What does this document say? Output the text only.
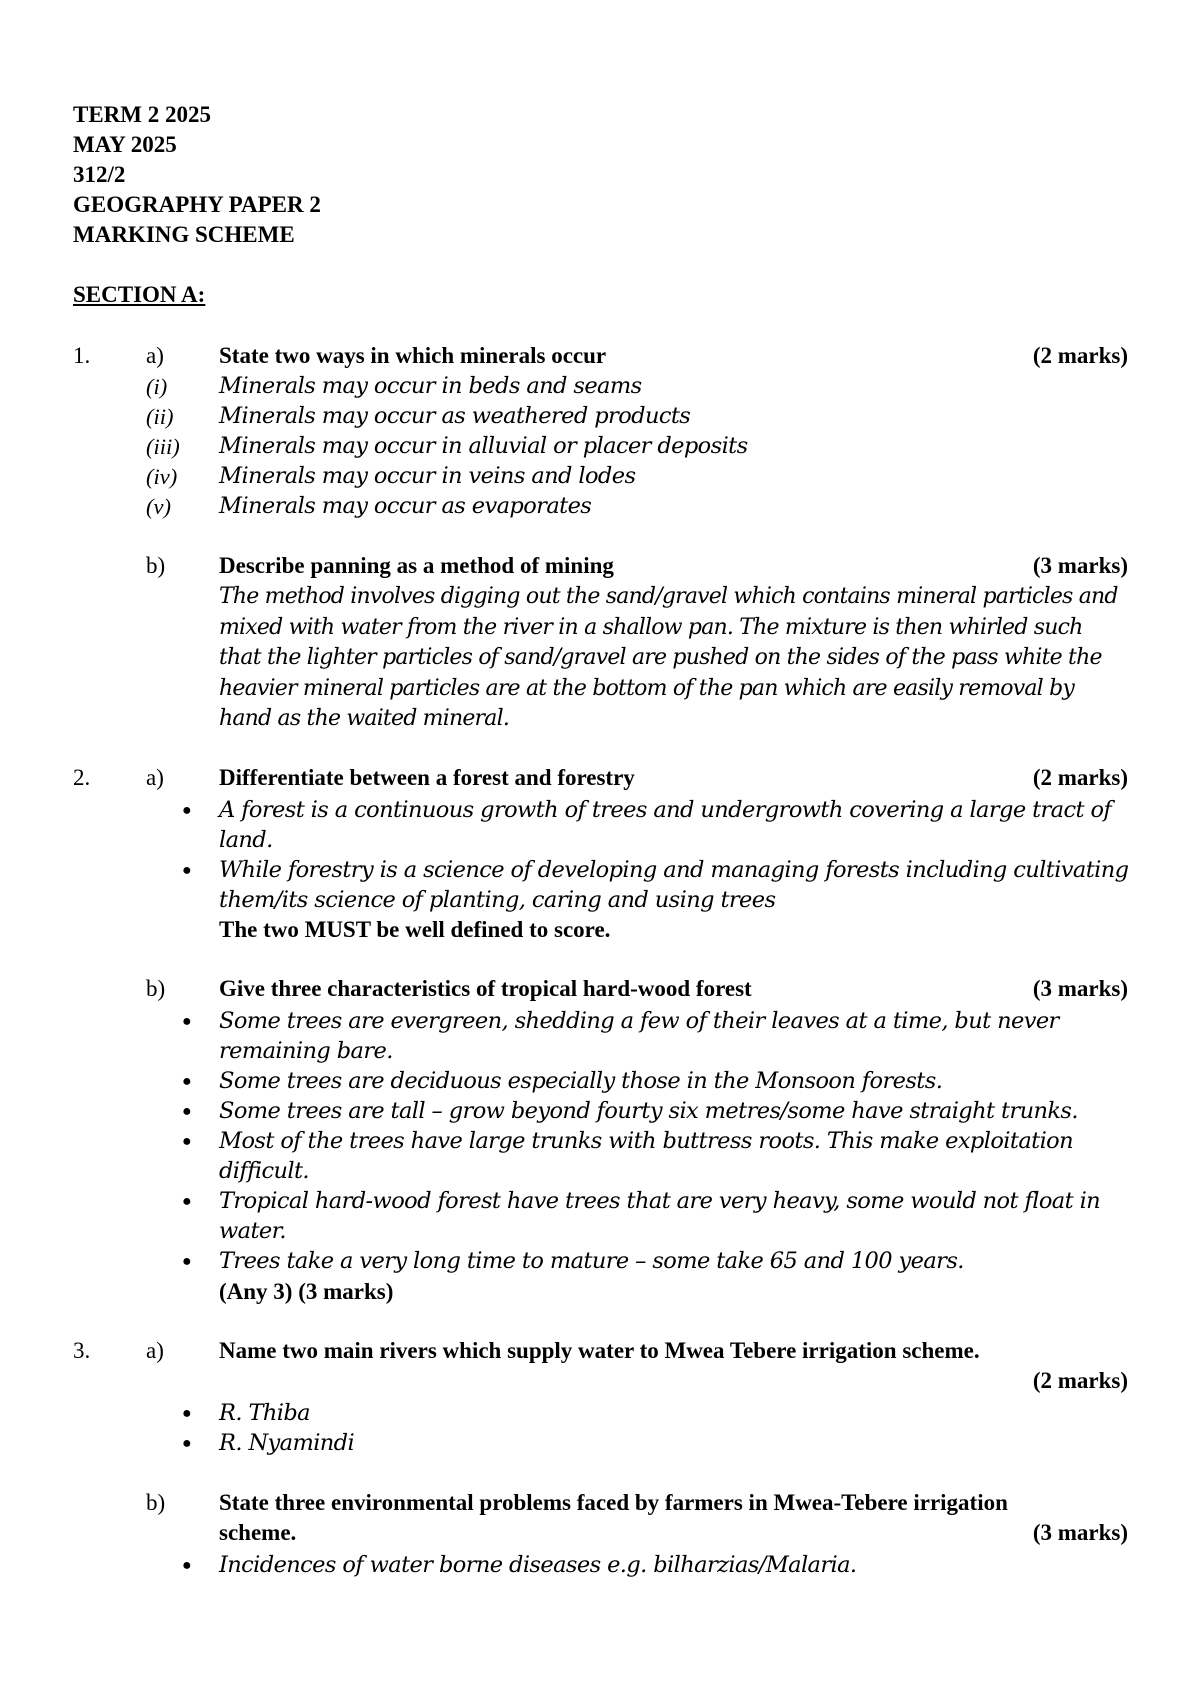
TERM 2 2025
MAY 2025
312/2
GEOGRAPHY PAPER 2
MARKING SCHEME
SECTION A:
1. a) State two ways in which minerals occur	(2 marks)
(i) Minerals may occur in beds and seams
(ii) Minerals may occur as weathered products
(iii) Minerals may occur in alluvial or placer deposits
(iv) Minerals may occur in veins and lodes
(v) Minerals may occur as evaporates
b) Describe panning as a method of mining	(3 marks)
The method involves digging out the sand/gravel which contains mineral particles and
mixed with water from the river in a shallow pan. The mixture is then whirled such
that the lighter particles of sand/gravel are pushed on the sides of the pass white the
heavier mineral particles are at the bottom of the pan which are easily removal by
hand as the waited mineral.
2. a) Differentiate between a forest and forestry	(2 marks)
● A forest is a continuous growth of trees and undergrowth covering a large tract of
land.
● While forestry is a science of developing and managing forests including cultivating
them/its science of planting, caring and using trees
The two MUST be well defined to score.
b) Give three characteristics of tropical hard-wood forest	(3 marks)
● Some trees are evergreen, shedding a few of their leaves at a time, but never
remaining bare.
● Some trees are deciduous especially those in the Monsoon forests.
● Some trees are tall – grow beyond fourty six metres/some have straight trunks.
● Most of the trees have large trunks with buttress roots. This make exploitation
difficult.
● Tropical hard-wood forest have trees that are very heavy, some would not float in
water.
● Trees take a very long time to mature – some take 65 and 100 years.
(Any 3) (3 marks)
3. a) Name two main rivers which supply water to Mwea Tebere irrigation scheme.
(2 marks)
● R. Thiba
● R. Nyamindi
b) State three environmental problems faced by farmers in Mwea-Tebere irrigation
scheme.	(3 marks)
● Incidences of water borne diseases e.g. bilharzias/Malaria.
